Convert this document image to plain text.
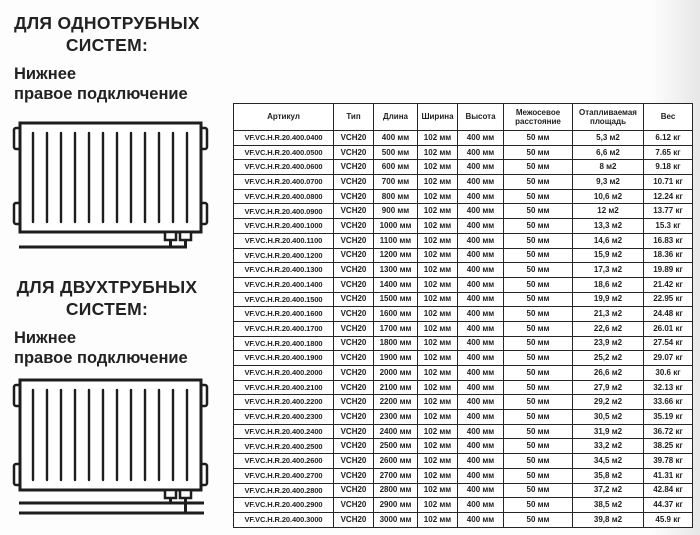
ДЛЯ ОДНОТРУБНЫХ
СИСТЕМ:
Нижнее
правое подключение
ДЛЯ ДВУХТРУБНЫХ
СИСТЕМ:
Нижнее
правое подключение
Артикул	Тип	Длина	Ширина	Высота	Межосевое расстояние	Отапливаемая площадь	Вес
VF.VC.H.R.20.400.0400	VCH20	400 мм	102 мм	400 мм	50 мм	5,3 м2	6.12 кг
VF.VC.H.R.20.400.0500	VCH20	500 мм	102 мм	400 мм	50 мм	6,6 м2	7.65 кг
VF.VC.H.R.20.400.0600	VCH20	600 мм	102 мм	400 мм	50 мм	8 м2	9.18 кг
VF.VC.H.R.20.400.0700	VCH20	700 мм	102 мм	400 мм	50 мм	9,3 м2	10.71 кг
VF.VC.H.R.20.400.0800	VCH20	800 мм	102 мм	400 мм	50 мм	10,6 м2	12.24 кг
VF.VC.H.R.20.400.0900	VCH20	900 мм	102 мм	400 мм	50 мм	12 м2	13.77 кг
VF.VC.H.R.20.400.1000	VCH20	1000 мм	102 мм	400 мм	50 мм	13,3 м2	15.3 кг
VF.VC.H.R.20.400.1100	VCH20	1100 мм	102 мм	400 мм	50 мм	14,6 м2	16.83 кг
VF.VC.H.R.20.400.1200	VCH20	1200 мм	102 мм	400 мм	50 мм	15,9 м2	18.36 кг
VF.VC.H.R.20.400.1300	VCH20	1300 мм	102 мм	400 мм	50 мм	17,3 м2	19.89 кг
VF.VC.H.R.20.400.1400	VCH20	1400 мм	102 мм	400 мм	50 мм	18,6 м2	21.42 кг
VF.VC.H.R.20.400.1500	VCH20	1500 мм	102 мм	400 мм	50 мм	19,9 м2	22.95 кг
VF.VC.H.R.20.400.1600	VCH20	1600 мм	102 мм	400 мм	50 мм	21,3 м2	24.48 кг
VF.VC.H.R.20.400.1700	VCH20	1700 мм	102 мм	400 мм	50 мм	22,6 м2	26.01 кг
VF.VC.H.R.20.400.1800	VCH20	1800 мм	102 мм	400 мм	50 мм	23,9 м2	27.54 кг
VF.VC.H.R.20.400.1900	VCH20	1900 мм	102 мм	400 мм	50 мм	25,2 м2	29.07 кг
VF.VC.H.R.20.400.2000	VCH20	2000 мм	102 мм	400 мм	50 мм	26,6 м2	30.6 кг
VF.VC.H.R.20.400.2100	VCH20	2100 мм	102 мм	400 мм	50 мм	27,9 м2	32.13 кг
VF.VC.H.R.20.400.2200	VCH20	2200 мм	102 мм	400 мм	50 мм	29,2 м2	33.66 кг
VF.VC.H.R.20.400.2300	VCH20	2300 мм	102 мм	400 мм	50 мм	30,5 м2	35.19 кг
VF.VC.H.R.20.400.2400	VCH20	2400 мм	102 мм	400 мм	50 мм	31,9 м2	36.72 кг
VF.VC.H.R.20.400.2500	VCH20	2500 мм	102 мм	400 мм	50 мм	33,2 м2	38.25 кг
VF.VC.H.R.20.400.2600	VCH20	2600 мм	102 мм	400 мм	50 мм	34,5 м2	39.78 кг
VF.VC.H.R.20.400.2700	VCH20	2700 мм	102 мм	400 мм	50 мм	35,8 м2	41.31 кг
VF.VC.H.R.20.400.2800	VCH20	2800 мм	102 мм	400 мм	50 мм	37,2 м2	42.84 кг
VF.VC.H.R.20.400.2900	VCH20	2900 мм	102 мм	400 мм	50 мм	38,5 м2	44.37 кг
VF.VC.H.R.20.400.3000	VCH20	3000 мм	102 мм	400 мм	50 мм	39,8 м2	45.9 кг
